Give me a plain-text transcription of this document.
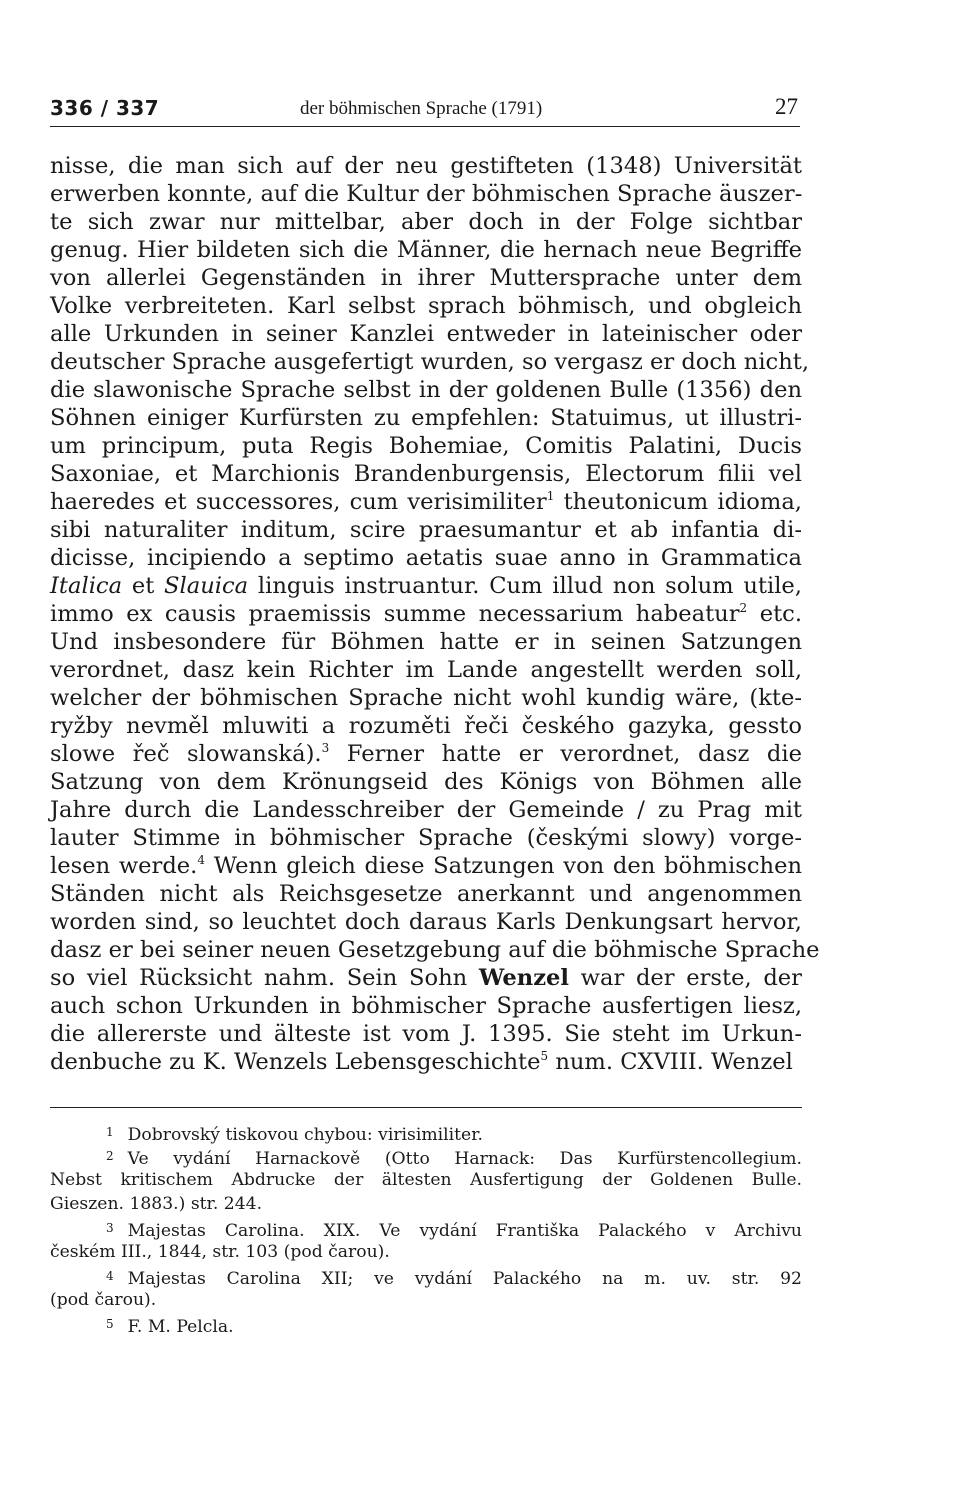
336 / 337	der böhmischen Sprache (1791)	27
nisse, die man sich auf der neu gestifteten (1348) Universität
erwerben konnte, auf die Kultur der böhmischen Sprache äuszer-
te sich zwar nur mittelbar, aber doch in der Folge sichtbar
genug. Hier bildeten sich die Männer, die hernach neue Begriffe
von allerlei Gegenständen in ihrer Muttersprache unter dem
Volke verbreiteten. Karl selbst sprach böhmisch, und obgleich
alle Urkunden in seiner Kanzlei entweder in lateinischer oder
deutscher Sprache ausgefertigt wurden, so vergasz er doch nicht,
die slawonische Sprache selbst in der goldenen Bulle (1356) den
Söhnen einiger Kurfürsten zu empfehlen: Statuimus, ut illustri-
um principum, puta Regis Bohemiae, Comitis Palatini, Ducis
Saxoniae, et Marchionis Brandenburgensis, Electorum filii vel
haeredes et successores, cum verisimiliter$^1$ theutonicum idioma,
sibi naturaliter inditum, scire praesumantur et ab infantia di-
dicisse, incipiendo a septimo aetatis suae anno in Grammatica
Italica et Slauica linguis instruantur. Cum illud non solum utile,
immo ex causis praemissis summe necessarium habeatur$^2$ etc.
Und insbesondere für Böhmen hatte er in seinen Satzungen
verordnet, dasz kein Richter im Lande angestellt werden soll,
welcher der böhmischen Sprache nicht wohl kundig wäre, (kte-
ryžby nevměl mluwiti a rozuměti řeči českého gazyka, gessto
slowe řeč slowanská).$^3$ Ferner hatte er verordnet, dasz die
Satzung von dem Krönungseid des Königs von Böhmen alle
Jahre durch die Landesschreiber der Gemeinde / zu Prag mit
lauter Stimme in böhmischer Sprache (českými slowy) vorge-
lesen werde.$^4$ Wenn gleich diese Satzungen von den böhmischen
Ständen nicht als Reichsgesetze anerkannt und angenommen
worden sind, so leuchtet doch daraus Karls Denkungsart hervor,
dasz er bei seiner neuen Gesetzgebung auf die böhmische Sprache
so viel Rücksicht nahm. Sein Sohn Wenzel war der erste, der
auch schon Urkunden in böhmischer Sprache ausfertigen liesz,
die allererste und älteste ist vom J. 1395. Sie steht im Urkun-
denbuche zu K. Wenzels Lebensgeschichte$^5$ num. CXVIII. Wenzel
$^1$ Dobrovský tiskovou chybou: virisimiliter.
$^2$ Ve vydání Harnackově (Otto Harnack: Das Kurfürstencollegium.
Nebst kritischem Abdrucke der ältesten Ausfertigung der Goldenen Bulle.
Gieszen. 1883.) str. 244.
$^3$ Majestas Carolina. XIX. Ve vydání Františka Palackého v Archivu
českém III., 1844, str. 103 (pod čarou).
$^4$ Majestas Carolina XII; ve vydání Palackého na m. uv. str. 92
(pod čarou).
$^5$ F. M. Pelcla.
